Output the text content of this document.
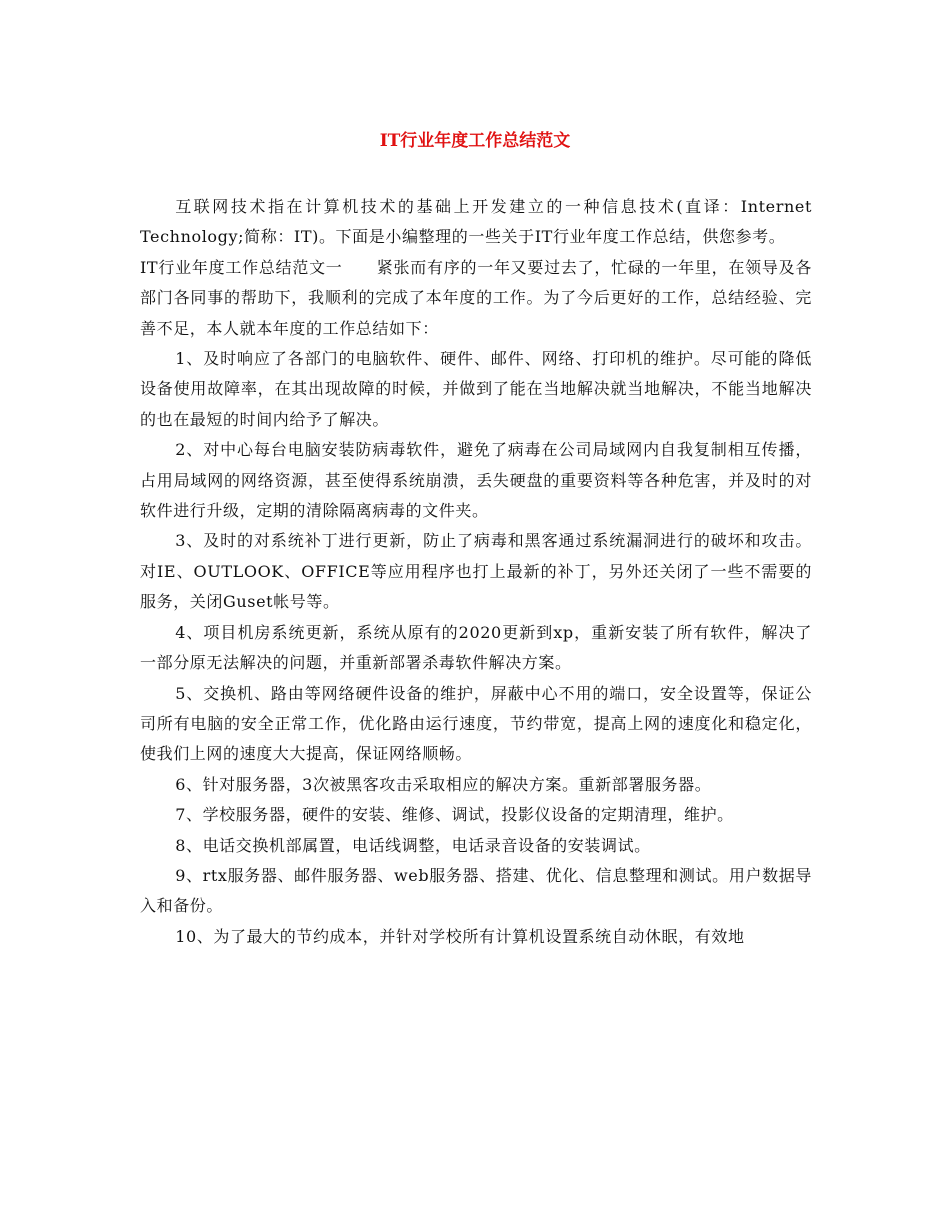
IT行业年度工作总结范文

互联网技术指在计算机技术的基础上开发建立的一种信息技术(直译：Internet Technology;简称：IT)。下面是小编整理的一些关于IT行业年度工作总结，供您参考。

IT行业年度工作总结范文一 紧张而有序的一年又要过去了，忙碌的一年里，在领导及各部门各同事的帮助下，我顺利的完成了本年度的工作。为了今后更好的工作，总结经验、完善不足，本人就本年度的工作总结如下：

1、及时响应了各部门的电脑软件、硬件、邮件、网络、打印机的维护。尽可能的降低设备使用故障率，在其出现故障的时候，并做到了能在当地解决就当地解决，不能当地解决的也在最短的时间内给予了解决。

2、对中心每台电脑安装防病毒软件，避免了病毒在公司局域网内自我复制相互传播，占用局域网的网络资源，甚至使得系统崩溃，丢失硬盘的重要资料等各种危害，并及时的对软件进行升级，定期的清除隔离病毒的文件夹。

3、及时的对系统补丁进行更新，防止了病毒和黑客通过系统漏洞进行的破坏和攻击。对IE、OUTLOOK、OFFICE等应用程序也打上最新的补丁，另外还关闭了一些不需要的服务，关闭Guset帐号等。

4、项目机房系统更新，系统从原有的2020更新到xp，重新安装了所有软件，解决了一部分原无法解决的问题，并重新部署杀毒软件解决方案。

5、交换机、路由等网络硬件设备的维护，屏蔽中心不用的端口，安全设置等，保证公司所有电脑的安全正常工作，优化路由运行速度，节约带宽，提高上网的速度化和稳定化，使我们上网的速度大大提高，保证网络顺畅。

6、针对服务器，3次被黑客攻击采取相应的解决方案。重新部署服务器。

7、学校服务器，硬件的安装、维修、调试，投影仪设备的定期清理，维护。

8、电话交换机部属置，电话线调整，电话录音设备的安装调试。

9、rtx服务器、邮件服务器、web服务器、搭建、优化、信息整理和测试。用户数据导入和备份。

10、为了最大的节约成本，并针对学校所有计算机设置系统自动休眠，有效地
